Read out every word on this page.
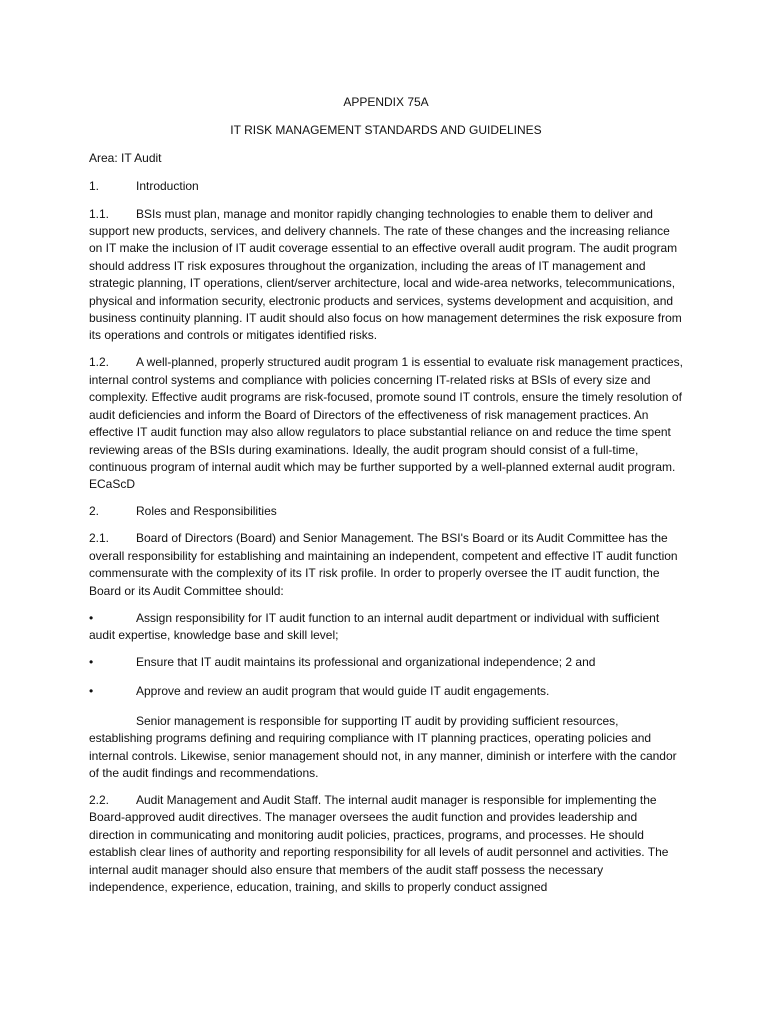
APPENDIX 75A

IT RISK MANAGEMENT STANDARDS AND GUIDELINES

Area: IT Audit

1.	Introduction

1.1. BSIs must plan, manage and monitor rapidly changing technologies to enable them to deliver and support new products, services, and delivery channels. The rate of these changes and the increasing reliance on IT make the inclusion of IT audit coverage essential to an effective overall audit program. The audit program should address IT risk exposures throughout the organization, including the areas of IT management and strategic planning, IT operations, client/server architecture, local and wide-area networks, telecommunications, physical and information security, electronic products and services, systems development and acquisition, and business continuity planning. IT audit should also focus on how management determines the risk exposure from its operations and controls or mitigates identified risks.

1.2. A well-planned, properly structured audit program 1 is essential to evaluate risk management practices, internal control systems and compliance with policies concerning IT-related risks at BSIs of every size and complexity. Effective audit programs are risk-focused, promote sound IT controls, ensure the timely resolution of audit deficiencies and inform the Board of Directors of the effectiveness of risk management practices. An effective IT audit function may also allow regulators to place substantial reliance on and reduce the time spent reviewing areas of the BSIs during examinations. Ideally, the audit program should consist of a full-time, continuous program of internal audit which may be further supported by a well-planned external audit program. ECaScD

2.	Roles and Responsibilities

2.1. Board of Directors (Board) and Senior Management. The BSI's Board or its Audit Committee has the overall responsibility for establishing and maintaining an independent, competent and effective IT audit function commensurate with the complexity of its IT risk profile. In order to properly oversee the IT audit function, the Board or its Audit Committee should:

•	Assign responsibility for IT audit function to an internal audit department or individual with sufficient audit expertise, knowledge base and skill level;

•	Ensure that IT audit maintains its professional and organizational independence; 2 and

•	Approve and review an audit program that would guide IT audit engagements.

Senior management is responsible for supporting IT audit by providing sufficient resources, establishing programs defining and requiring compliance with IT planning practices, operating policies and internal controls. Likewise, senior management should not, in any manner, diminish or interfere with the candor of the audit findings and recommendations.

2.2. Audit Management and Audit Staff. The internal audit manager is responsible for implementing the Board-approved audit directives. The manager oversees the audit function and provides leadership and direction in communicating and monitoring audit policies, practices, programs, and processes. He should establish clear lines of authority and reporting responsibility for all levels of audit personnel and activities. The internal audit manager should also ensure that members of the audit staff possess the necessary independence, experience, education, training, and skills to properly conduct assigned
